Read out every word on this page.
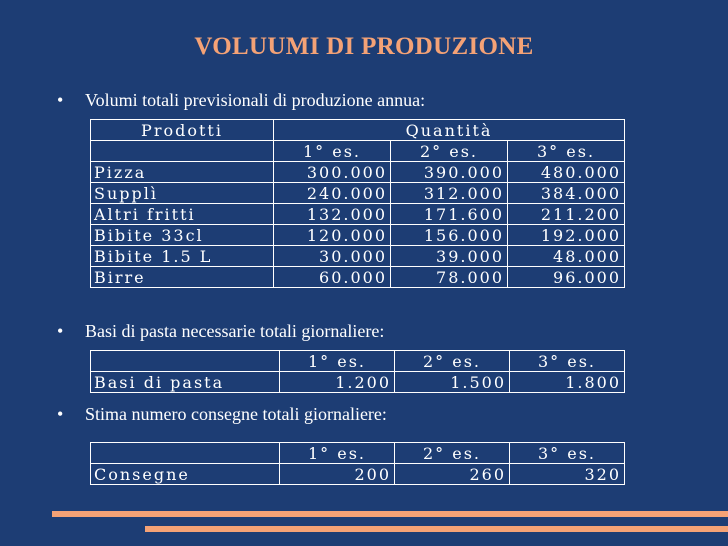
VOLUUMI DI PRODUZIONE
• Volumi totali previsionali di produzione annua:
Prodotti	Quantità		
	1° es.	2° es.	3° es.
Pizza	300.000	390.000	480.000
Supplì	240.000	312.000	384.000
Altri fritti	132.000	171.600	211.200
Bibite 33cl	120.000	156.000	192.000
Bibite 1.5 L	30.000	39.000	48.000
Birre	60.000	78.000	96.000
• Basi di pasta necessarie totali giornaliere:
	1° es.	2° es.	3° es.
Basi di pasta	1.200	1.500	1.800
• Stima numero consegne totali giornaliere:
	1° es.	2° es.	3° es.
Consegne	200	260	320
